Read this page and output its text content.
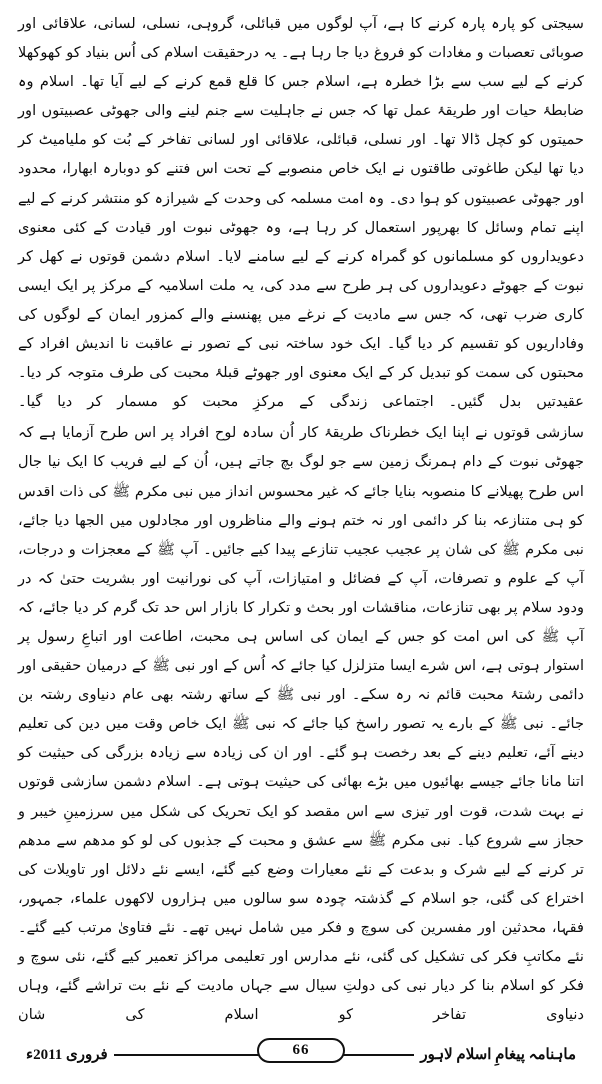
سیجتی کو پارہ پارہ کرنے کا ہے، آپ لوگوں میں قبائلی، گروہی، نسلی، لسانی، علاقائی اور صوبائی تعصبات و مغادات کو فروغ دیا جا رہا ہے۔ یہ درحقیقت اسلام کی اُس بنیاد کو کھوکھلا کرنے کے لیے سب سے بڑا خطرہ ہے، اسلام جس کا قلع قمع کرنے کے لیے آیا تھا۔ اسلام وہ ضابطۂ حیات اور طریقۂ عمل تھا کہ جس نے جاہلیت سے جنم لینے والی جھوٹی عصبیتوں اور حمیتوں کو کچل ڈالا تھا۔ اور نسلی، قبائلی، علاقائی اور لسانی تفاخر کے بُت کو ملیامیٹ کر دیا تھا لیکن طاغوتی طاقتوں نے ایک خاص منصوبے کے تحت اس فتنے کو دوبارہ ابھارا، محدود اور جھوٹی عصبیتوں کو ہوا دی۔ وہ امت مسلمہ کی وحدت کے شیرازہ کو منتشر کرنے کے لیے اپنے تمام وسائل کا بھرپور استعمال کر رہا ہے، وہ جھوٹی نبوت اور قیادت کے کئی معنوی دعویداروں کو مسلمانوں کو گمراہ کرنے کے لیے سامنے لایا۔ اسلام دشمن قوتوں نے کھل کر نبوت کے جھوٹے دعویداروں کی ہر طرح سے مدد کی، یہ ملت اسلامیہ کے مرکز پر ایک ایسی کاری ضرب تھی، کہ جس سے مادیت کے نرغے میں پھنسنے والے کمزور ایمان کے لوگوں کی وفاداریوں کو تقسیم کر دیا گیا۔ ایک خود ساختہ نبی کے تصور نے عاقبت نا اندیش افراد کے محبتوں کی سمت کو تبدیل کر کے ایک معنوی اور جھوٹے قبلۂ محبت کی طرف متوجہ کر دیا۔ عقیدتیں بدل گئیں۔ اجتماعی زندگی کے مرکزِ محبت کو مسمار کر دیا گیا۔

سازشی قوتوں نے اپنا ایک خطرناک طریقۂ کار اُن سادہ لوح افراد پر اس طرح آزمایا ہے کہ جھوٹی نبوت کے دام ہمرنگ زمین سے جو لوگ بچ جاتے ہیں، اُن کے لیے فریب کا ایک نیا جال اس طرح پھیلانے کا منصوبہ بنایا جائے کہ غیر محسوس انداز میں نبی مکرم ﷺ کی ذات اقدس کو ہی متنازعہ بنا کر دائمی اور نہ ختم ہونے والے مناظروں اور مجادلوں میں الجھا دیا جائے، نبی مکرم ﷺ کی شان پر عجیب عجیب تنازعے پیدا کیے جائیں۔ آپ ﷺ کے معجزات و درجات، آپ کے علوم و تصرفات، آپ کے فضائل و امتیازات، آپ کی نورانیت اور بشریت حتیٰ کہ در ودود سلام پر بھی تنازعات، مناقشات اور بحث و تکرار کا بازار اس حد تک گرم کر دیا جائے، کہ آپ ﷺ کی اس امت کو جس کے ایمان کی اساس ہی محبت، اطاعت اور اتباعِ رسول پر استوار ہوتی ہے، اس شرے ایسا متزلزل کیا جائے کہ اُس کے اور نبی ﷺ کے درمیان حقیقی اور دائمی رشتۂ محبت قائم نہ رہ سکے۔ اور نبی ﷺ کے ساتھ رشتہ بھی عام دنیاوی رشتہ بن جائے۔ نبی ﷺ کے بارے یہ تصور راسخ کیا جائے کہ نبی ﷺ ایک خاص وقت میں دین کی تعلیم دینے آئے، تعلیم دینے کے بعد رخصت ہو گئے۔ اور ان کی زیادہ سے زیادہ بزرگی کی حیثیت کو اتنا مانا جائے جیسے بھائیوں میں بڑے بھائی کی حیثیت ہوتی ہے۔ اسلام دشمن سازشی قوتوں نے بہت شدت، قوت اور تیزی سے اس مقصد کو ایک تحریک کی شکل میں سرزمینِ خیبر و حجاز سے شروع کیا۔ نبی مکرم ﷺ سے عشق و محبت کے جذبوں کی لو کو مدھم سے مدھم تر کرنے کے لیے شرک و بدعت کے نئے معیارات وضع کیے گئے، ایسے نئے دلائل اور تاویلات کی اختراع کی گئی، جو اسلام کے گذشتہ چودہ سو سالوں میں ہزاروں لاکھوں علماء، جمہور، فقہا، محدثین اور مفسرین کی سوچ و فکر میں شامل نہیں تھے۔ نئے فتاویٰ مرتب کیے گئے۔ نئے مکاتبِ فکر کی تشکیل کی گئی، نئے مدارس اور تعلیمی مراکز تعمیر کیے گئے، نئی سوچ و فکر کو اسلام بنا کر دیار نبی کی دولتِ سیال سے جہاں مادیت کے نئے بت تراشے گئے، وہاں دنیاوی تفاخر کو اسلام کی شان

ماہنامہ پیغامِ اسلام لاہور
66
فروری 2011ء
